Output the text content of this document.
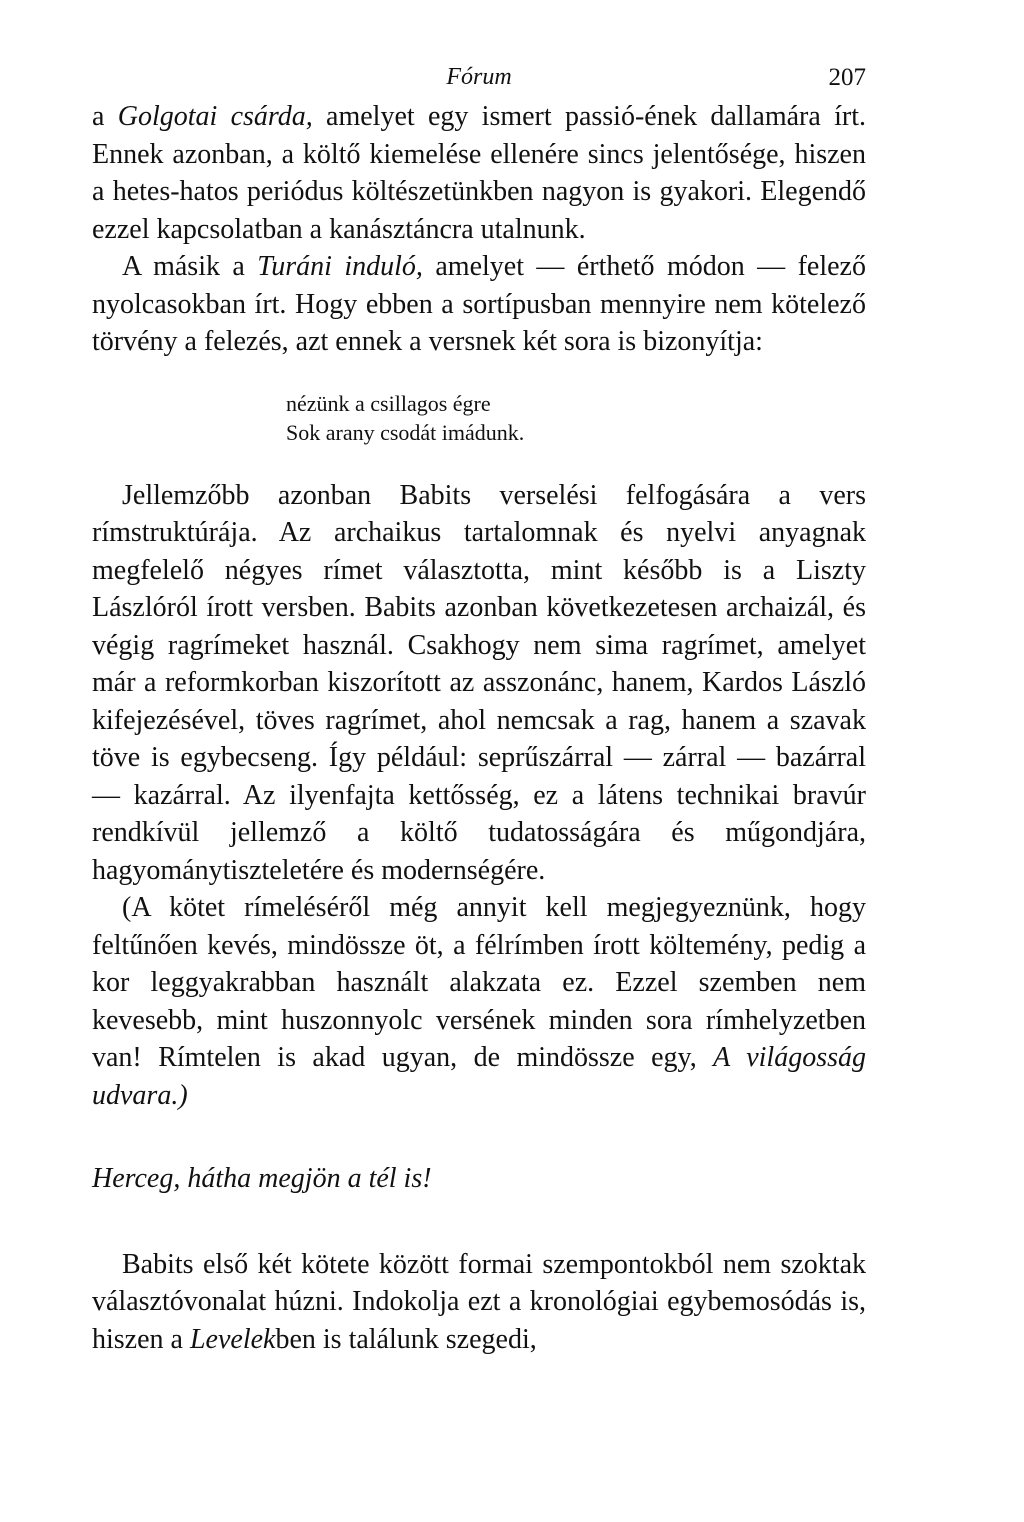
Fórum	207

a Golgotai csárda, amelyet egy ismert passió-ének dallamára írt. Ennek azonban, a költő kiemelése ellenére sincs jelentősége, hiszen a hetes-hatos periódus költészetünkben nagyon is gyakori. Elegendő ezzel kapcsolatban a kanásztáncra utalnunk.

A másik a Turáni induló, amelyet — érthető módon — felező nyolcasokban írt. Hogy ebben a sortípusban mennyire nem kötelező törvény a felezés, azt ennek a versnek két sora is bizonyítja:

nézünk a csillagos égre
Sok arany csodát imádunk.

Jellemzőbb azonban Babits verselési felfogására a vers rímstruktúrája. Az archaikus tartalomnak és nyelvi anyagnak megfelelő négyes rímet választotta, mint később is a Liszty Lászlóról írott versben. Babits azonban következetesen archaizál, és végig ragrímeket használ. Csakhogy nem sima ragrímet, amelyet már a reformkorban kiszorított az asszonánc, hanem, Kardos László kifejezésével, töves ragrímet, ahol nemcsak a rag, hanem a szavak töve is egybecseng. Így például: seprűszárral — zárral — bazárral — kazárral. Az ilyenfajta kettősség, ez a látens technikai bravúr rendkívül jellemző a költő tudatosságára és műgondjára, hagyománytiszteletére és modernségére.

(A kötet rímeléséről még annyit kell megjegyeznünk, hogy feltűnően kevés, mindössze öt, a félrímben írott költemény, pedig a kor leggyakrabban használt alakzata ez. Ezzel szemben nem kevesebb, mint huszonnyolc versének minden sora rímhelyzetben van! Rímtelen is akad ugyan, de mindössze egy, A világosság udvara.)

Herceg, hátha megjön a tél is!

Babits első két kötete között formai szempontokból nem szoktak választóvonalat húzni. Indokolja ezt a kronológiai egybemosódás is, hiszen a Levelekben is találunk szegedi,
